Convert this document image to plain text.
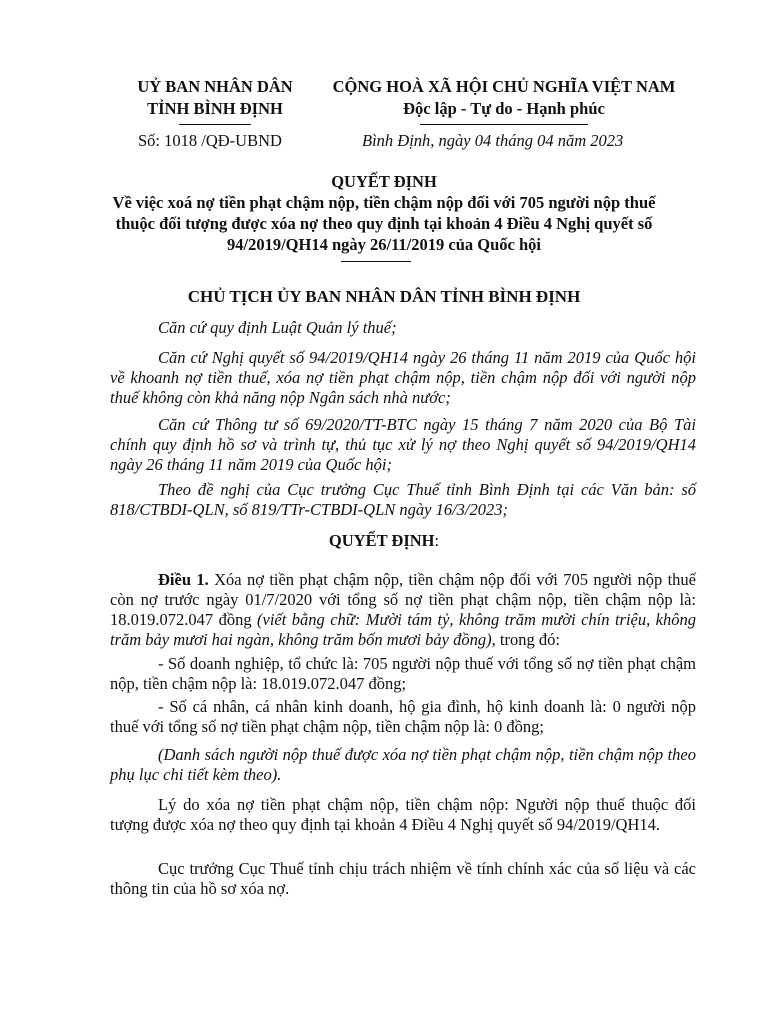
UỶ BAN NHÂN DÂN
TỈNH BÌNH ĐỊNH
CỘNG HOÀ XÃ HỘI CHỦ NGHĨA VIỆT NAM
Độc lập - Tự do - Hạnh phúc
Số: 1018 /QĐ-UBND	Bình Định, ngày 04 tháng 04 năm 2023
QUYẾT ĐỊNH
Về việc xoá nợ tiền phạt chậm nộp, tiền chậm nộp đối với 705 người nộp thuế thuộc đối tượng được xóa nợ theo quy định tại khoản 4 Điều 4 Nghị quyết số 94/2019/QH14 ngày 26/11/2019 của Quốc hội
CHỦ TỊCH ỦY BAN NHÂN DÂN TỈNH BÌNH ĐỊNH
Căn cứ quy định Luật Quản lý thuế;
Căn cứ Nghị quyết số 94/2019/QH14 ngày 26 tháng 11 năm 2019 của Quốc hội về khoanh nợ tiền thuế, xóa nợ tiền phạt chậm nộp, tiền chậm nộp đối với người nộp thuế không còn khả năng nộp Ngân sách nhà nước;
Căn cứ Thông tư số 69/2020/TT-BTC ngày 15 tháng 7 năm 2020 của Bộ Tài chính quy định hồ sơ và trình tự, thủ tục xử lý nợ theo Nghị quyết số 94/2019/QH14 ngày 26 tháng 11 năm 2019 của Quốc hội;
Theo đề nghị của Cục trưởng Cục Thuế tỉnh Bình Định tại các Văn bản: số 818/CTBDI-QLN, số 819/TTr-CTBDI-QLN ngày 16/3/2023;
QUYẾT ĐỊNH:
Điều 1. Xóa nợ tiền phạt chậm nộp, tiền chậm nộp đối với 705 người nộp thuế còn nợ trước ngày 01/7/2020 với tổng số nợ tiền phạt chậm nộp, tiền chậm nộp là: 18.019.072.047 đồng (viết bằng chữ: Mười tám tỷ, không trăm mười chín triệu, không trăm bảy mươi hai ngàn, không trăm bốn mươi bảy đồng), trong đó:
- Số doanh nghiệp, tổ chức là: 705 người nộp thuế với tổng số nợ tiền phạt chậm nộp, tiền chậm nộp là: 18.019.072.047 đồng;
- Số cá nhân, cá nhân kinh doanh, hộ gia đình, hộ kinh doanh là: 0 người nộp thuế với tổng số nợ tiền phạt chậm nộp, tiền chậm nộp là: 0 đồng;
(Danh sách người nộp thuế được xóa nợ tiền phạt chậm nộp, tiền chậm nộp theo phụ lục chi tiết kèm theo).
Lý do xóa nợ tiền phạt chậm nộp, tiền chậm nộp: Người nộp thuế thuộc đối tượng được xóa nợ theo quy định tại khoản 4 Điều 4 Nghị quyết số 94/2019/QH14.
Cục trưởng Cục Thuế tỉnh chịu trách nhiệm về tính chính xác của số liệu và các thông tin của hồ sơ xóa nợ.
